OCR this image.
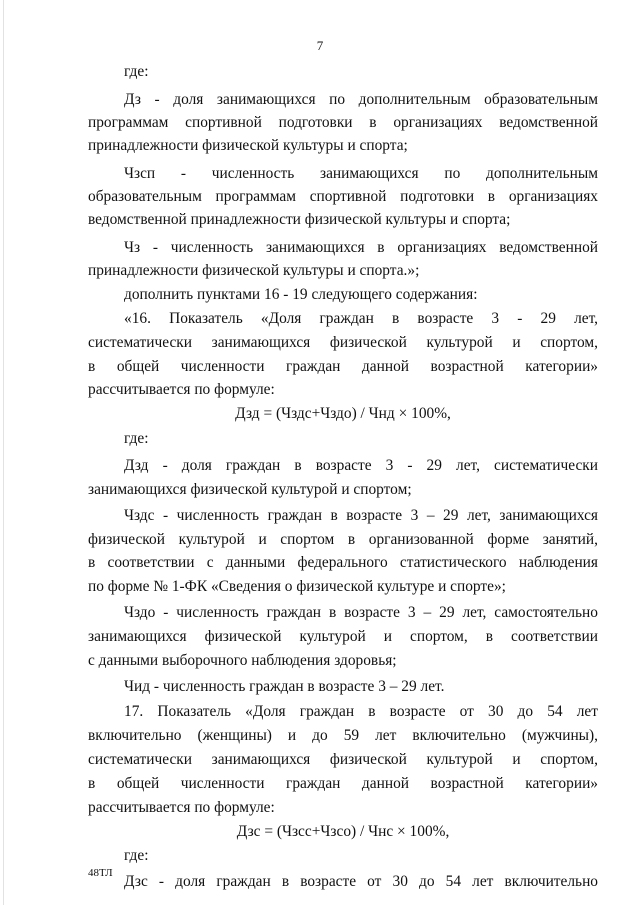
7
где:
Дз - доля занимающихся по дополнительным образовательным
программам спортивной подготовки в организациях ведомственной
принадлежности физической культуры и спорта;
Чзсп - численность занимающихся по дополнительным
образовательным программам спортивной подготовки в организациях
ведомственной принадлежности физической культуры и спорта;
Чз - численность занимающихся в организациях ведомственной
принадлежности физической культуры и спорта.»;
дополнить пунктами 16 - 19 следующего содержания:
«16. Показатель «Доля граждан в возрасте 3 - 29 лет,
систематически занимающихся физической культурой и спортом,
в общей численности граждан данной возрастной категории»
рассчитывается по формуле:
Дзд = (Чздс+Чздо) / Чнд × 100%,
где:
Дзд - доля граждан в возрасте 3 - 29 лет, систематически
занимающихся физической культурой и спортом;
Чздс - численность граждан в возрасте 3 – 29 лет, занимающихся
физической культурой и спортом в организованной форме занятий,
в соответствии с данными федерального статистического наблюдения
по форме № 1-ФК «Сведения о физической культуре и спорте»;
Чздо - численность граждан в возрасте 3 – 29 лет, самостоятельно
занимающихся физической культурой и спортом, в соответствии
с данными выборочного наблюдения здоровья;
Чид - численность граждан в возрасте 3 – 29 лет.
17. Показатель «Доля граждан в возрасте от 30 до 54 лет
включительно (женщины) и до 59 лет включительно (мужчины),
систематически занимающихся физической культурой и спортом,
в общей численности граждан данной возрастной категории»
рассчитывается по формуле:
Дзс = (Чзсс+Чзсо) / Чнс × 100%,
где:
Дзс - доля граждан в возрасте от 30 до 54 лет включительно
48ТЛ
